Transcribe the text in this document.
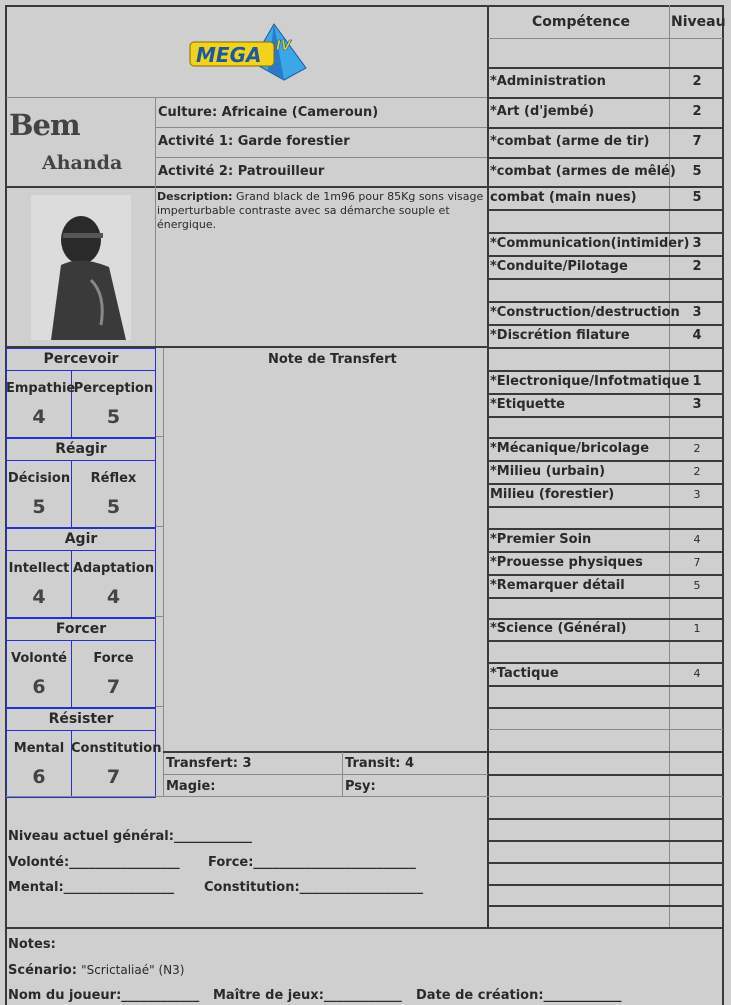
MEGA IV
Bem
Ahanda
Culture: Africaine (Cameroun)
Activité 1: Garde forestier
Activité 2: Patrouilleur
Description: Grand black de 1m96 pour 85Kg sons visage imperturbable contraste avec sa démarche souple et énergique.
Percevoir
Empathie
4
Perception
5
Réagir
Décision
5
Réflex
5
Agir
Intellect
4
Adaptation
4
Forcer
Volonté
6
Force
7
Résister
Mental
6
Constitution
7
Note de Transfert
Transfert: 3	Transit: 4
Magie:	Psy:
Niveau actuel général:____________
Volonté:_________________ Force:_________________________
Mental:_________________ Constitution:___________________
Compétence	Niveau
*Administration	2
*Art (d'jembé)	2
*combat (arme de tir)	7
*combat (armes de mêlé)	5
combat (main nues)	5
*Communication(intimider) 3
*Conduite/Pilotage	2
*Construction/destruction 3
*Discrétion filature	4
*Electronique/Infotmatique 1
*Etiquette	3
*Mécanique/bricolage	2
*Milieu (urbain)	2
Milieu (forestier)	3
*Premier Soin	4
*Prouesse physiques	7
*Remarquer détail	5
*Science (Général)	1
*Tactique	4
Notes:
Scénario: "Scrictaliaé" (N3)
Nom du joueur:____________ Maître de jeux:____________ Date de création:____________
